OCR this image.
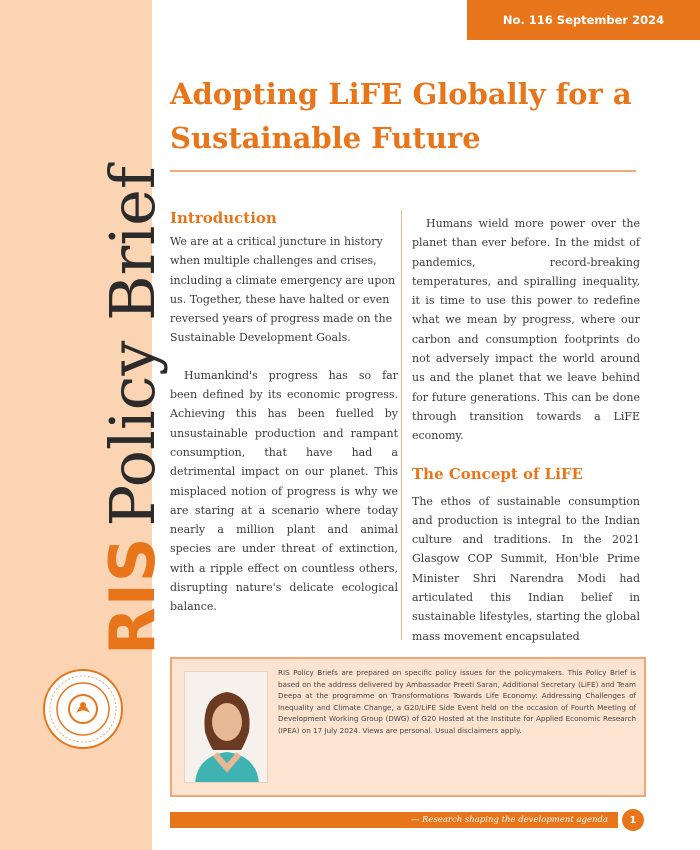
RISPolicy Brief
No. 116 September 2024
Adopting LiFE Globally for a Sustainable Future
Introduction

We are at a critical juncture in history when multiple challenges and crises, including a climate emergency are upon us. Together, these have halted or even reversed years of progress made on the Sustainable Development Goals.

Humankind's progress has so far been defined by its economic progress. Achieving this has been fuelled by unsustainable production and rampant consumption, that have had a detrimental impact on our planet. This misplaced notion of progress is why we are staring at a scenario where today nearly a million plant and animal species are under threat of extinction, with a ripple effect on countless others, disrupting nature's delicate ecological balance.

Humans wield more power over the planet than ever before. In the midst of pandemics, record-breaking temperatures, and spiralling inequality, it is time to use this power to redefine what we mean by progress, where our carbon and consumption footprints do not adversely impact the world around us and the planet that we leave behind for future generations. This can be done through transition towards a LiFE economy.

The Concept of LiFE

The ethos of sustainable consumption and production is integral to the Indian culture and traditions. In the 2021 Glasgow COP Summit, Hon'ble Prime Minister Shri Narendra Modi had articulated this Indian belief in sustainable lifestyles, starting the global mass movement encapsulated

RIS Policy Briefs are prepared on specific policy issues for the policymakers. This Policy Brief is based on the address delivered by Ambassador Preeti Saran, Additional Secretary (LiFE) and Team Deepa at the programme on Transformations Towards Life Economy: Addressing Challenges of Inequality and Climate Change, a G20/LiFE Side Event held on the occasion of Fourth Meeting of Development Working Group (DWG) of G20 Hosted at the Institute for Applied Economic Research (IPEA) on 17 July 2024. Views are personal. Usual disclaimers apply.

— Research shaping the development agenda	1
